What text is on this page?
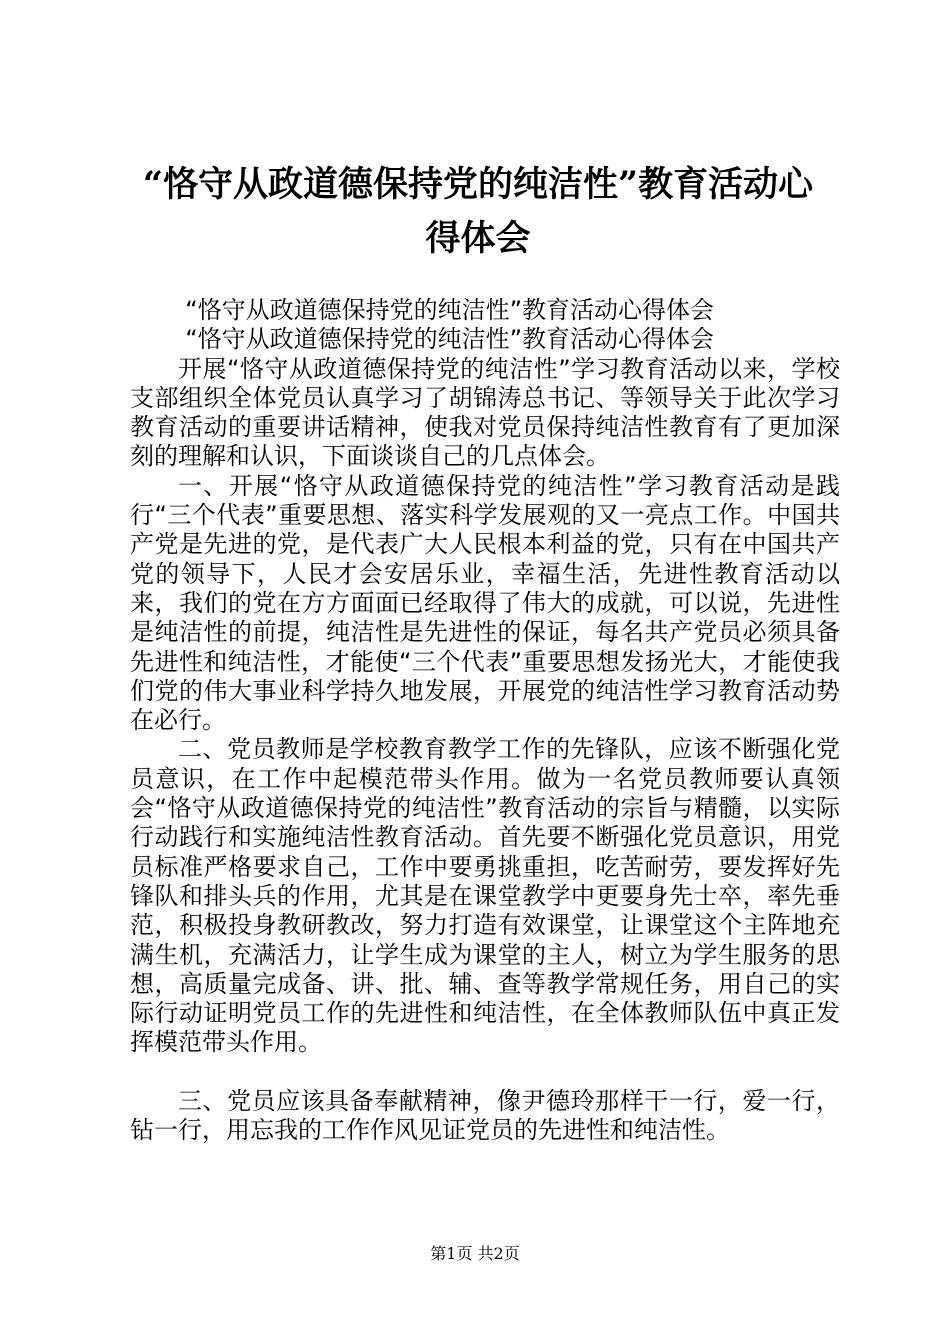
“恪守从政道德保持党的纯洁性”教育活动心
得体会

“恪守从政道德保持党的纯洁性”教育活动心得体会

“恪守从政道德保持党的纯洁性”教育活动心得体会

开展“恪守从政道德保持党的纯洁性”学习教育活动以来，学校支部组织全体党员认真学习了胡锦涛总书记、等领导关于此次学习教育活动的重要讲话精神，使我对党员保持纯洁性教育有了更加深刻的理解和认识，下面谈谈自己的几点体会。

一、开展“恪守从政道德保持党的纯洁性”学习教育活动是践行“三个代表”重要思想、落实科学发展观的又一亮点工作。中国共产党是先进的党，是代表广大人民根本利益的党，只有在中国共产党的领导下，人民才会安居乐业，幸福生活，先进性教育活动以来，我们的党在方方面面已经取得了伟大的成就，可以说，先进性是纯洁性的前提，纯洁性是先进性的保证，每名共产党员必须具备先进性和纯洁性，才能使“三个代表”重要思想发扬光大，才能使我们党的伟大事业科学持久地发展，开展党的纯洁性学习教育活动势在必行。

二、党员教师是学校教育教学工作的先锋队，应该不断强化党员意识，在工作中起模范带头作用。做为一名党员教师要认真领会“恪守从政道德保持党的纯洁性”教育活动的宗旨与精髓，以实际行动践行和实施纯洁性教育活动。首先要不断强化党员意识，用党员标准严格要求自己，工作中要勇挑重担，吃苦耐劳，要发挥好先锋队和排头兵的作用，尤其是在课堂教学中更要身先士卒，率先垂范，积极投身教研教改，努力打造有效课堂，让课堂这个主阵地充满生机，充满活力，让学生成为课堂的主人，树立为学生服务的思想，高质量完成备、讲、批、辅、查等教学常规任务，用自己的实际行动证明党员工作的先进性和纯洁性，在全体教师队伍中真正发挥模范带头作用。

三、党员应该具备奉献精神，像尹德玲那样干一行，爱一行，钻一行，用忘我的工作作风见证党员的先进性和纯洁性。

第1页 共2页
